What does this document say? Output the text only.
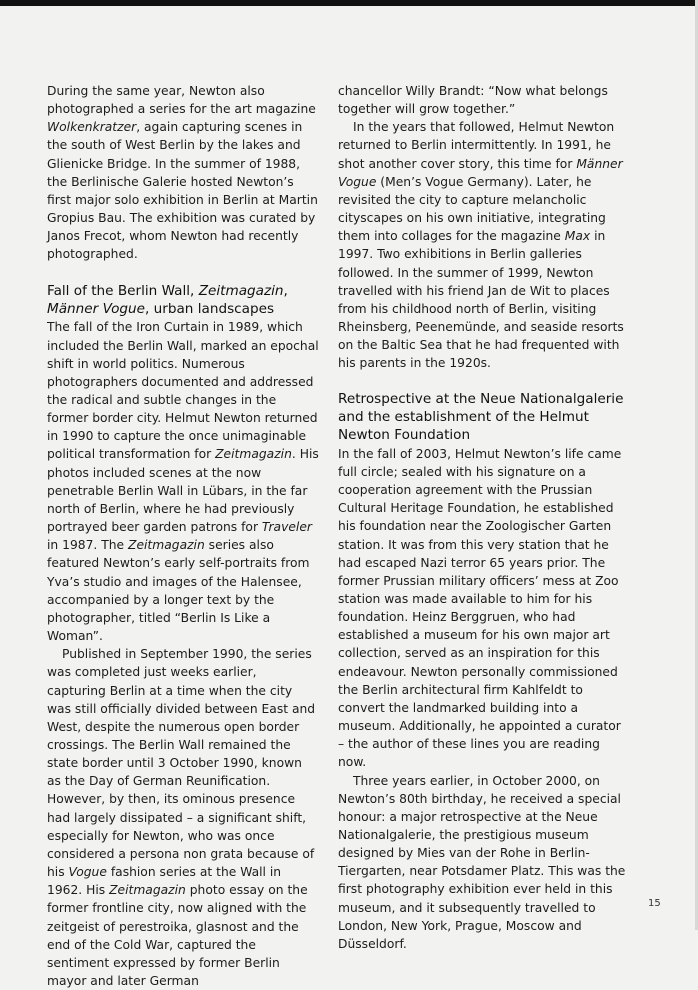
During the same year, Newton also photographed a series for the art magazine Wolkenkratzer, again capturing scenes in the south of West Berlin by the lakes and Glienicke Bridge. In the summer of 1988, the Berlinische Galerie hosted Newton’s first major solo exhibition in Berlin at Martin Gropius Bau. The exhibition was curated by Janos Frecot, whom Newton had recently photographed.

Fall of the Berlin Wall, Zeitmagazin, Männer Vogue, urban landscapes

The fall of the Iron Curtain in 1989, which included the Berlin Wall, marked an epochal shift in world politics. Numerous photographers documented and addressed the radical and subtle changes in the former border city. Helmut Newton returned in 1990 to capture the once unimaginable political transformation for Zeitmagazin. His photos included scenes at the now penetrable Berlin Wall in Lübars, in the far north of Berlin, where he had previously portrayed beer garden patrons for Traveler in 1987. The Zeitmagazin series also featured Newton’s early self-portraits from Yva’s studio and images of the Halensee, accompanied by a longer text by the photographer, titled “Berlin Is Like a Woman”.

Published in September 1990, the series was completed just weeks earlier, capturing Berlin at a time when the city was still officially divided between East and West, despite the numerous open border crossings. The Berlin Wall remained the state border until 3 October 1990, known as the Day of German Reunification. However, by then, its ominous presence had largely dissipated – a significant shift, especially for Newton, who was once considered a persona non grata because of his Vogue fashion series at the Wall in 1962. His Zeitmagazin photo essay on the former frontline city, now aligned with the zeitgeist of perestroika, glasnost and the end of the Cold War, captured the sentiment expressed by former Berlin mayor and later German

chancellor Willy Brandt: “Now what belongs together will grow together.”

In the years that followed, Helmut Newton returned to Berlin intermittently. In 1991, he shot another cover story, this time for Männer Vogue (Men’s Vogue Germany). Later, he revisited the city to capture melancholic cityscapes on his own initiative, integrating them into collages for the magazine Max in 1997. Two exhibitions in Berlin galleries followed. In the summer of 1999, Newton travelled with his friend Jan de Wit to places from his childhood north of Berlin, visiting Rheinsberg, Peenemünde, and seaside resorts on the Baltic Sea that he had frequented with his parents in the 1920s.

Retrospective at the Neue Nationalgalerie and the establishment of the Helmut Newton Foundation

In the fall of 2003, Helmut Newton’s life came full circle; sealed with his signature on a cooperation agreement with the Prussian Cultural Heritage Foundation, he established his foundation near the Zoologischer Garten station. It was from this very station that he had escaped Nazi terror 65 years prior. The former Prussian military officers’ mess at Zoo station was made available to him for his foundation. Heinz Berggruen, who had established a museum for his own major art collection, served as an inspiration for this endeavour. Newton personally commissioned the Berlin architectural firm Kahlfeldt to convert the landmarked building into a museum. Additionally, he appointed a curator – the author of these lines you are reading now.

Three years earlier, in October 2000, on Newton’s 80th birthday, he received a special honour: a major retrospective at the Neue Nationalgalerie, the prestigious museum designed by Mies van der Rohe in Berlin-Tiergarten, near Potsdamer Platz. This was the first photography exhibition ever held in this museum, and it subsequently travelled to London, New York, Prague, Moscow and Düsseldorf.

15
